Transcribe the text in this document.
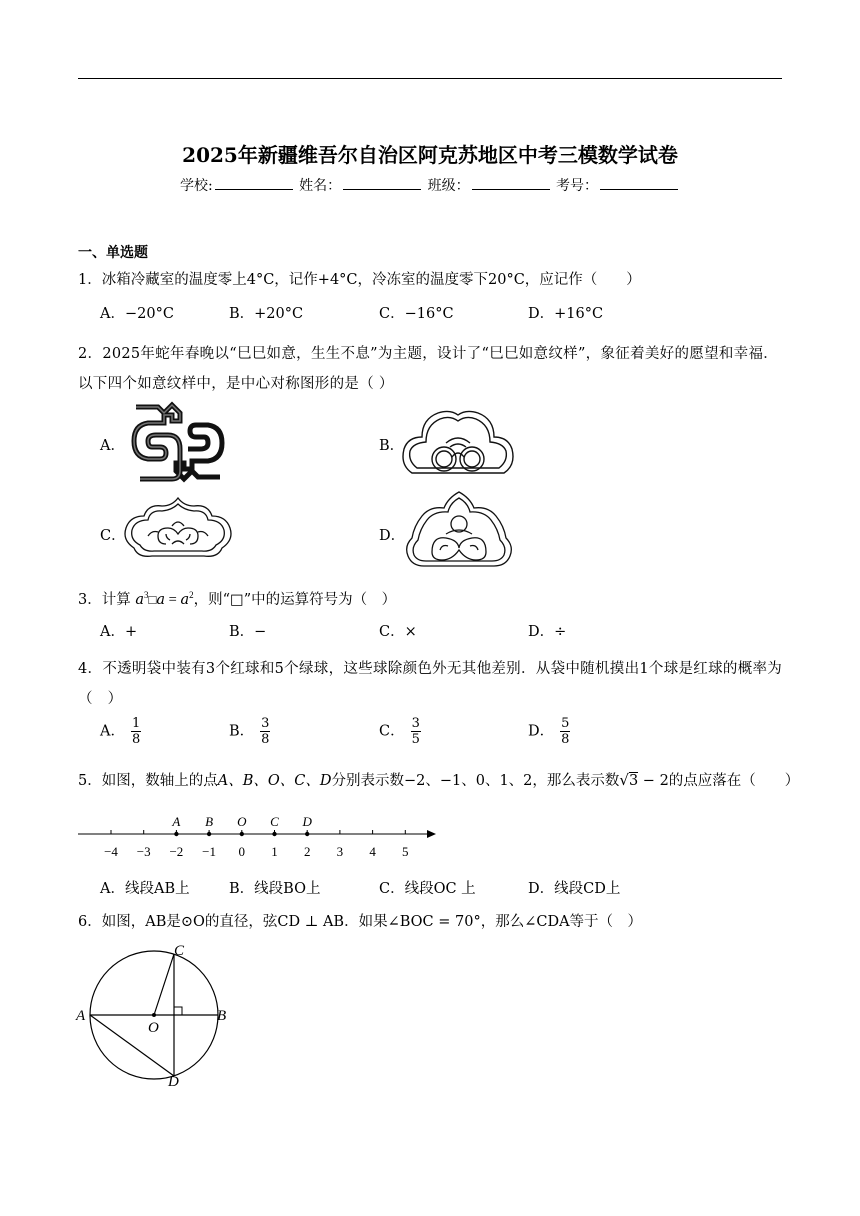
2025年新疆维吾尔自治区阿克苏地区中考三模数学试卷
学校:	姓名：	班级：	考号：
一、单选题
1．冰箱冷藏室的温度零上4°C，记作+4°C，冷冻室的温度零下20°C，应记作（　　）
A．−20°C	B．+20°C	C．−16°C	D．+16°C
2．2025年蛇年春晚以“巳巳如意，生生不息”为主题，设计了“巳巳如意纹样”，象征着美好的愿望和幸福．以下四个如意纹样中，是中心对称图形的是（ ）
A．	B．
C．	D．
3．计算 $a^3□a = a^2$，则“□”中的运算符号为（　）
A．+	B．−	C．×	D．÷
4．不透明袋中装有3个红球和5个绿球，这些球除颜色外无其他差别．从袋中随机摸出1个球是红球的概率为（　）
A． $\frac{1}{8}$	B． $\frac{3}{8}$	C． $\frac{3}{5}$	D． $\frac{5}{8}$
5．如图，数轴上的点A、B、O、C、D分别表示数−2、−1、0、1、2，那么表示数√3 − 2的点应落在（　　）
−4 −3 −2 −1 0 1 2 3 4 5
A B O C D
A．线段AB上	B．线段BO上	C．线段OC 上	D．线段CD上
6．如图，AB是⊙O的直径，弦CD ⊥ AB．如果∠BOC = 70°，那么∠CDA等于（　）
A	B
C
D
O
